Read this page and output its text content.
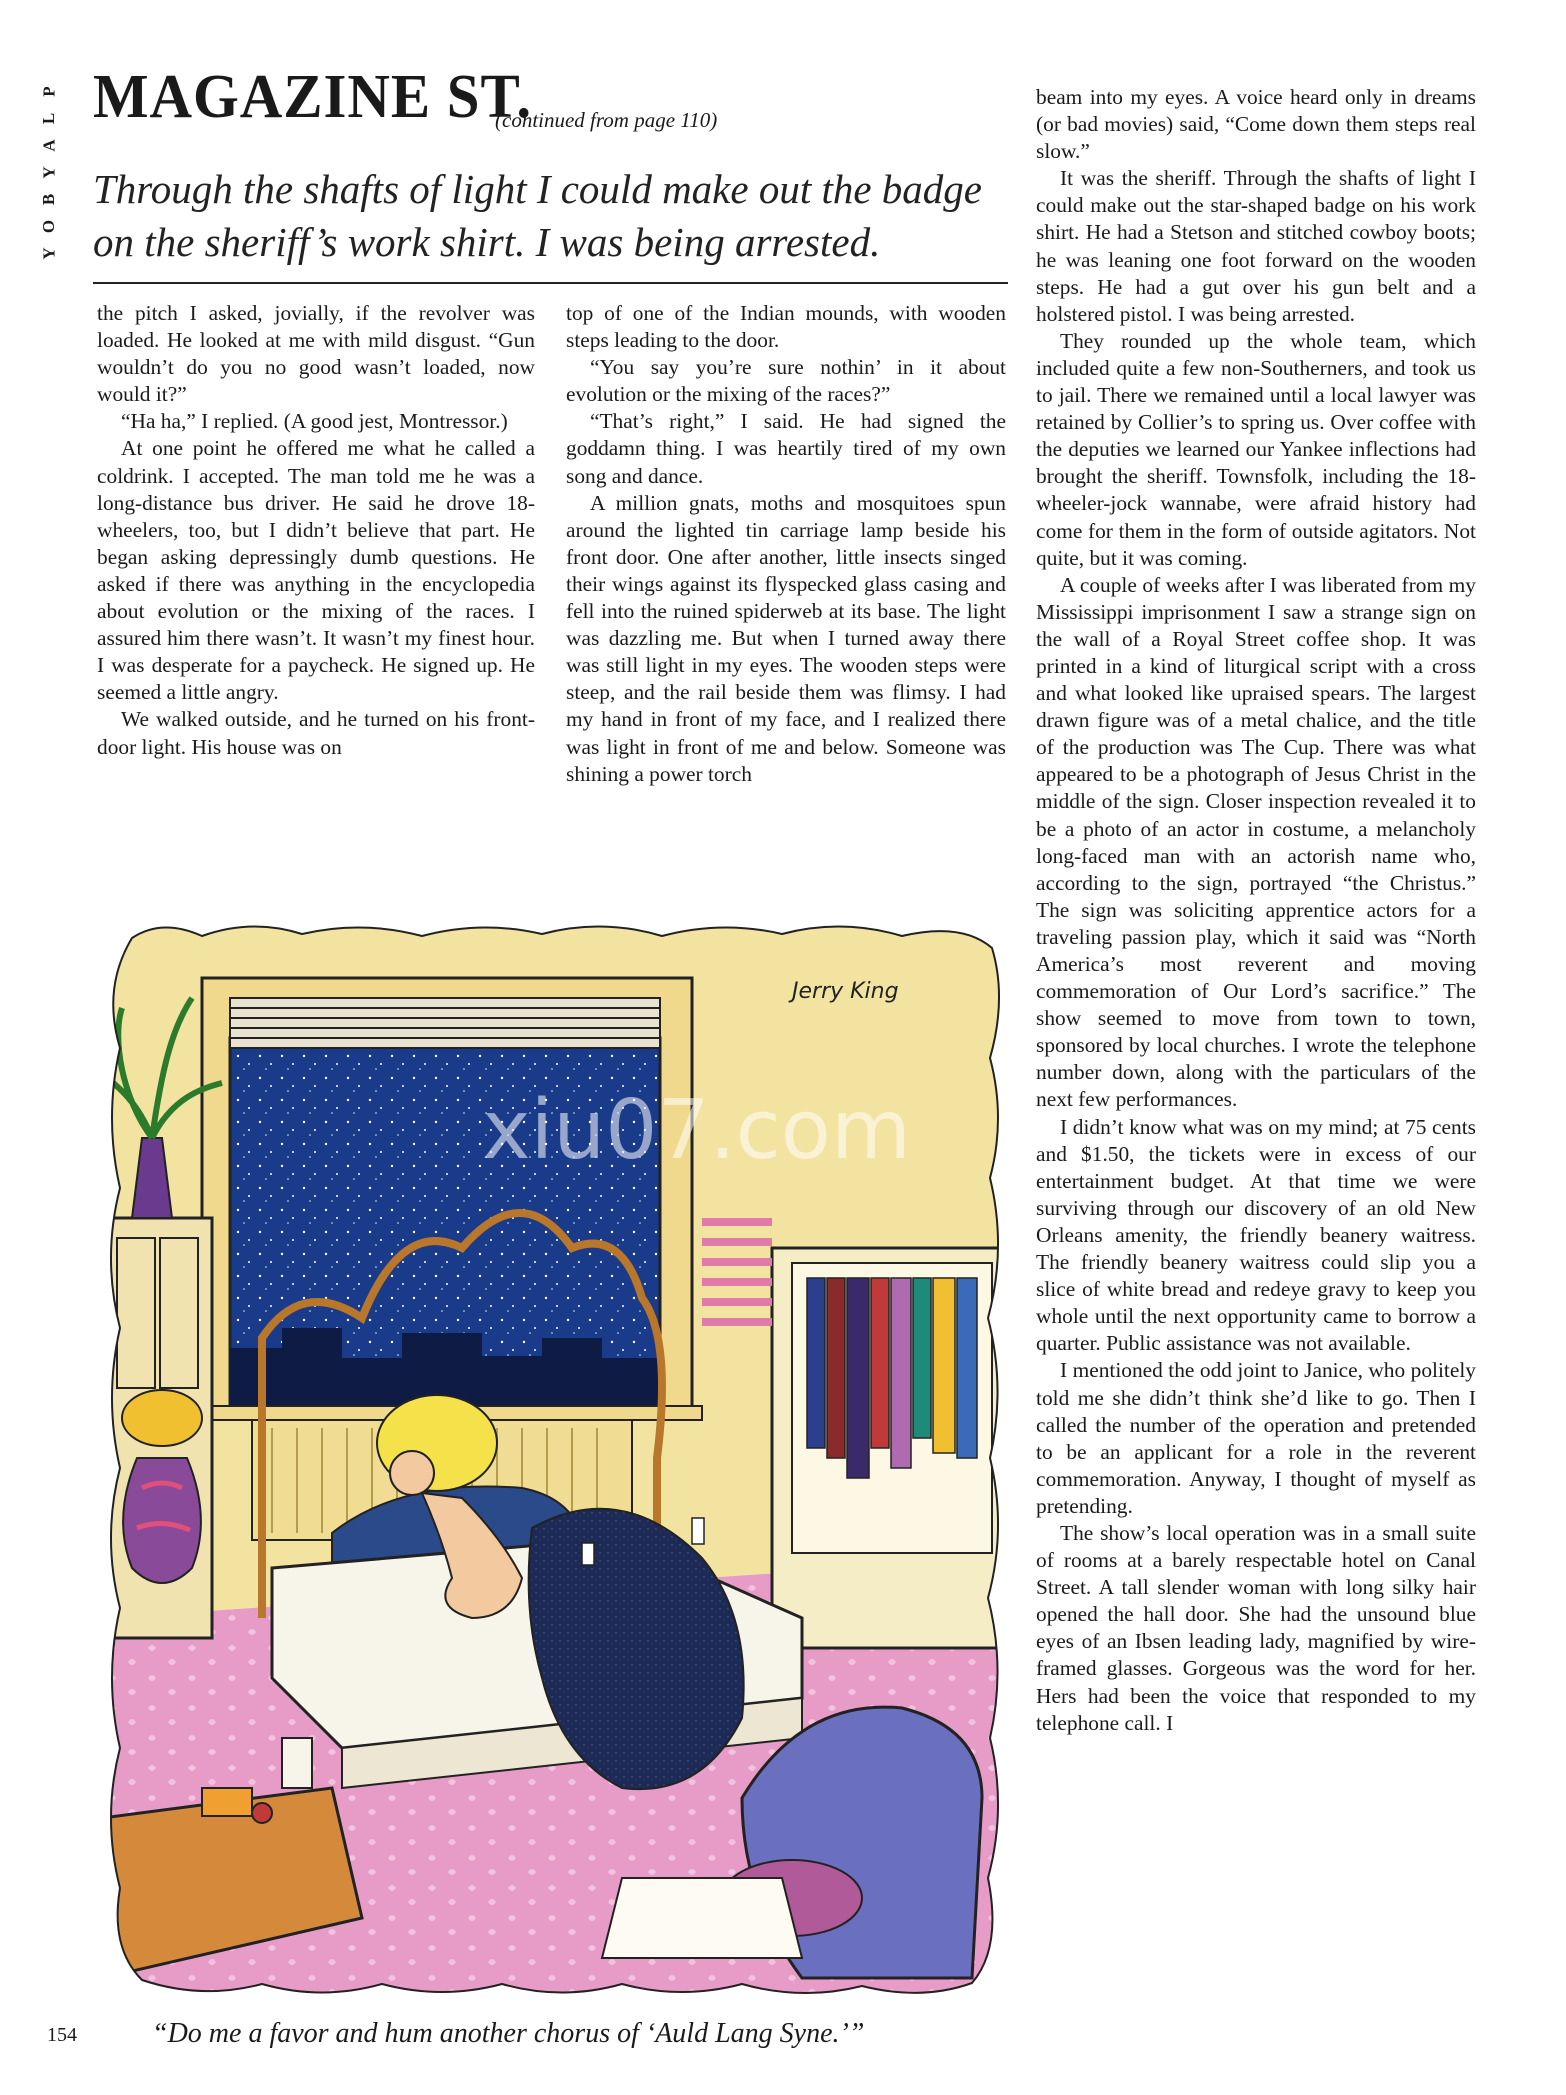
P
L
A
Y
B
O
Y
MAGAZINE ST.
(continued from page 110)
Through the shafts of light I could make out the badge on the sheriff’s work shirt. I was being arrested.

the pitch I asked, jovially, if the revolver was loaded. He looked at me with mild disgust. “Gun wouldn’t do you no good wasn’t loaded, now would it?”

“Ha ha,” I replied. (A good jest, Montressor.)

At one point he offered me what he called a coldrink. I accepted. The man told me he was a long-distance bus driver. He said he drove 18-wheelers, too, but I didn’t believe that part. He began asking depressingly dumb questions. He asked if there was anything in the encyclopedia about evolution or the mixing of the races. I assured him there wasn’t. It wasn’t my finest hour. I was desperate for a paycheck. He signed up. He seemed a little angry.

We walked outside, and he turned on his front-door light. His house was on

top of one of the Indian mounds, with wooden steps leading to the door.

“You say you’re sure nothin’ in it about evolution or the mixing of the races?”

“That’s right,” I said. He had signed the goddamn thing. I was heartily tired of my own song and dance.

A million gnats, moths and mosquitoes spun around the lighted tin carriage lamp beside his front door. One after another, little insects singed their wings against its flyspecked glass casing and fell into the ruined spiderweb at its base. The light was dazzling me. But when I turned away there was still light in my eyes. The wooden steps were steep, and the rail beside them was flimsy. I had my hand in front of my face, and I realized there was light in front of me and below. Someone was shining a power torch

beam into my eyes. A voice heard only in dreams (or bad movies) said, “Come down them steps real slow.”

It was the sheriff. Through the shafts of light I could make out the star-shaped badge on his work shirt. He had a Stetson and stitched cowboy boots; he was leaning one foot forward on the wooden steps. He had a gut over his gun belt and a holstered pistol. I was being arrested.

They rounded up the whole team, which included quite a few non-Southerners, and took us to jail. There we remained until a local lawyer was retained by Collier’s to spring us. Over coffee with the deputies we learned our Yankee inflections had brought the sheriff. Townsfolk, including the 18-wheeler-jock wannabe, were afraid history had come for them in the form of outside agitators. Not quite, but it was coming.

A couple of weeks after I was liberated from my Mississippi imprisonment I saw a strange sign on the wall of a Royal Street coffee shop. It was printed in a kind of liturgical script with a cross and what looked like upraised spears. The largest drawn figure was of a metal chalice, and the title of the production was The Cup. There was what appeared to be a photograph of Jesus Christ in the middle of the sign. Closer inspection revealed it to be a photo of an actor in costume, a melancholy long-faced man with an actorish name who, according to the sign, portrayed “the Christus.” The sign was soliciting apprentice actors for a traveling passion play, which it said was “North America’s most reverent and moving commemoration of Our Lord’s sacrifice.” The show seemed to move from town to town, sponsored by local churches. I wrote the telephone number down, along with the particulars of the next few performances.

I didn’t know what was on my mind; at 75 cents and $1.50, the tickets were in excess of our entertainment budget. At that time we were surviving through our discovery of an old New Orleans amenity, the friendly beanery waitress. The friendly beanery waitress could slip you a slice of white bread and redeye gravy to keep you whole until the next opportunity came to borrow a quarter. Public assistance was not available.

I mentioned the odd joint to Janice, who politely told me she didn’t think she’d like to go. Then I called the number of the operation and pretended to be an applicant for a role in the reverent commemoration. Anyway, I thought of myself as pretending.

The show’s local operation was in a small suite of rooms at a barely respectable hotel on Canal Street. A tall slender woman with long silky hair opened the hall door. She had the unsound blue eyes of an Ibsen leading lady, magnified by wire-framed glasses. Gorgeous was the word for her. Hers had been the voice that responded to my telephone call. I

Jerry King
xiu07.com
154	“Do me a favor and hum another chorus of ‘Auld Lang Syne.’”
